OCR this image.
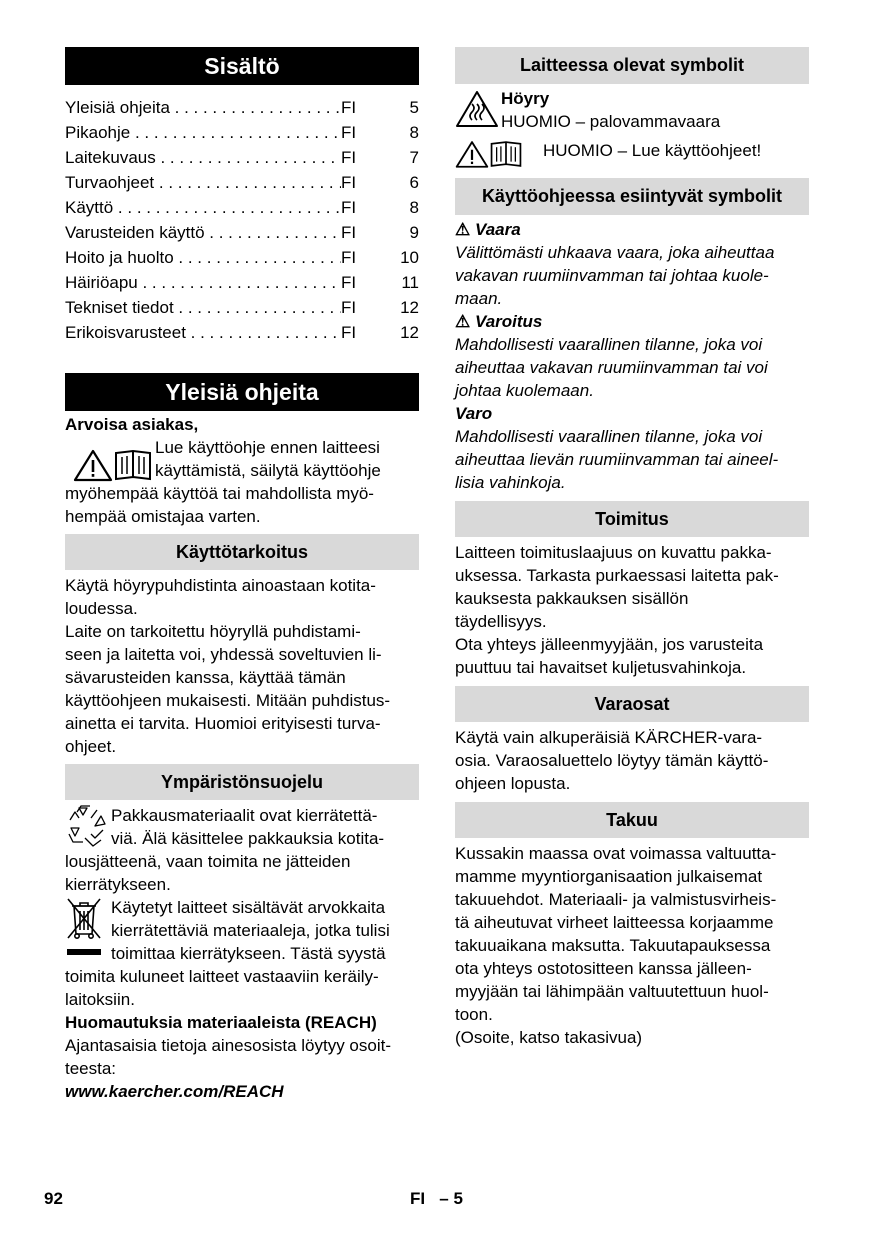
Sisältö
Yleisiä ohjeita . . .	FI	5
Pikaohje . . .	FI	8
Laitekuvaus . . .	FI	7
Turvaohjeet . . .	FI	6
Käyttö . . .	FI	8
Varusteiden käyttö . . .	FI	9
Hoito ja huolto . . .	FI	10
Häiriöapu . . .	FI	11
Tekniset tiedot . . .	FI	12
Erikoisvarusteet . . .	FI	12
Yleisiä ohjeita

Arvoisa asiakas,

Lue käyttöohje ennen laitteesi

käyttämistä, säilytä käyttöohje

myöhempää käyttöä tai mahdollista myö-

hempää omistajaa varten.

Käyttötarkoitus

Käytä höyrypuhdistinta ainoastaan kotita-

loudessa.

Laite on tarkoitettu höyryllä puhdistami-

seen ja laitetta voi, yhdessä soveltuvien li-

sävarusteiden kanssa, käyttää tämän

käyttöohjeen mukaisesti. Mitään puhdistus-

ainetta ei tarvita. Huomioi erityisesti turva-

ohjeet.

Ympäristönsuojelu

Pakkausmateriaalit ovat kierrätettä-

viä. Älä käsittelee pakkauksia kotita-

lousjätteenä, vaan toimita ne jätteiden

kierrätykseen.

Käytetyt laitteet sisältävät arvokkaita

kierrätettäviä materiaaleja, jotka tulisi

toimittaa kierrätykseen. Tästä syystä

toimita kuluneet laitteet vastaaviin keräily-

laitoksiin.

Huomautuksia materiaaleista (REACH)

Ajantasaisia tietoja ainesosista löytyy osoit-

teesta:

www.kaercher.com/REACH

Laitteessa olevat symbolit

Höyry

HUOMIO – palovammavaara

HUOMIO – Lue käyttöohjeet!

Käyttöohjeessa esiintyvät symbolit

⚠ Vaara

Välittömästi uhkaava vaara, joka aiheuttaa

vakavan ruumiinvamman tai johtaa kuole-

maan.

⚠ Varoitus

Mahdollisesti vaarallinen tilanne, joka voi

aiheuttaa vakavan ruumiinvamman tai voi

johtaa kuolemaan.

Varo

Mahdollisesti vaarallinen tilanne, joka voi

aiheuttaa lievän ruumiinvamman tai aineel-

lisia vahinkoja.

Toimitus

Laitteen toimituslaajuus on kuvattu pakka-

uksessa. Tarkasta purkaessasi laitetta pak-

kauksesta pakkauksen sisällön

täydellisyys.

Ota yhteys jälleenmyyjään, jos varusteita

puuttuu tai havaitset kuljetusvahinkoja.

Varaosat

Käytä vain alkuperäisiä KÄRCHER-vara-

osia. Varaosaluettelo löytyy tämän käyttö-

ohjeen lopusta.

Takuu

Kussakin maassa ovat voimassa valtuutta-

mamme myyntiorganisaation julkaisemat

takuuehdot. Materiaali- ja valmistusvirheis-

tä aiheutuvat virheet laitteessa korjaamme

takuuaikana maksutta. Takuutapauksessa

ota yhteys ostotositteen kanssa jälleen-

myyjään tai lähimpään valtuutettuun huol-

toon.

(Osoite, katso takasivua)

92	FI   – 5
